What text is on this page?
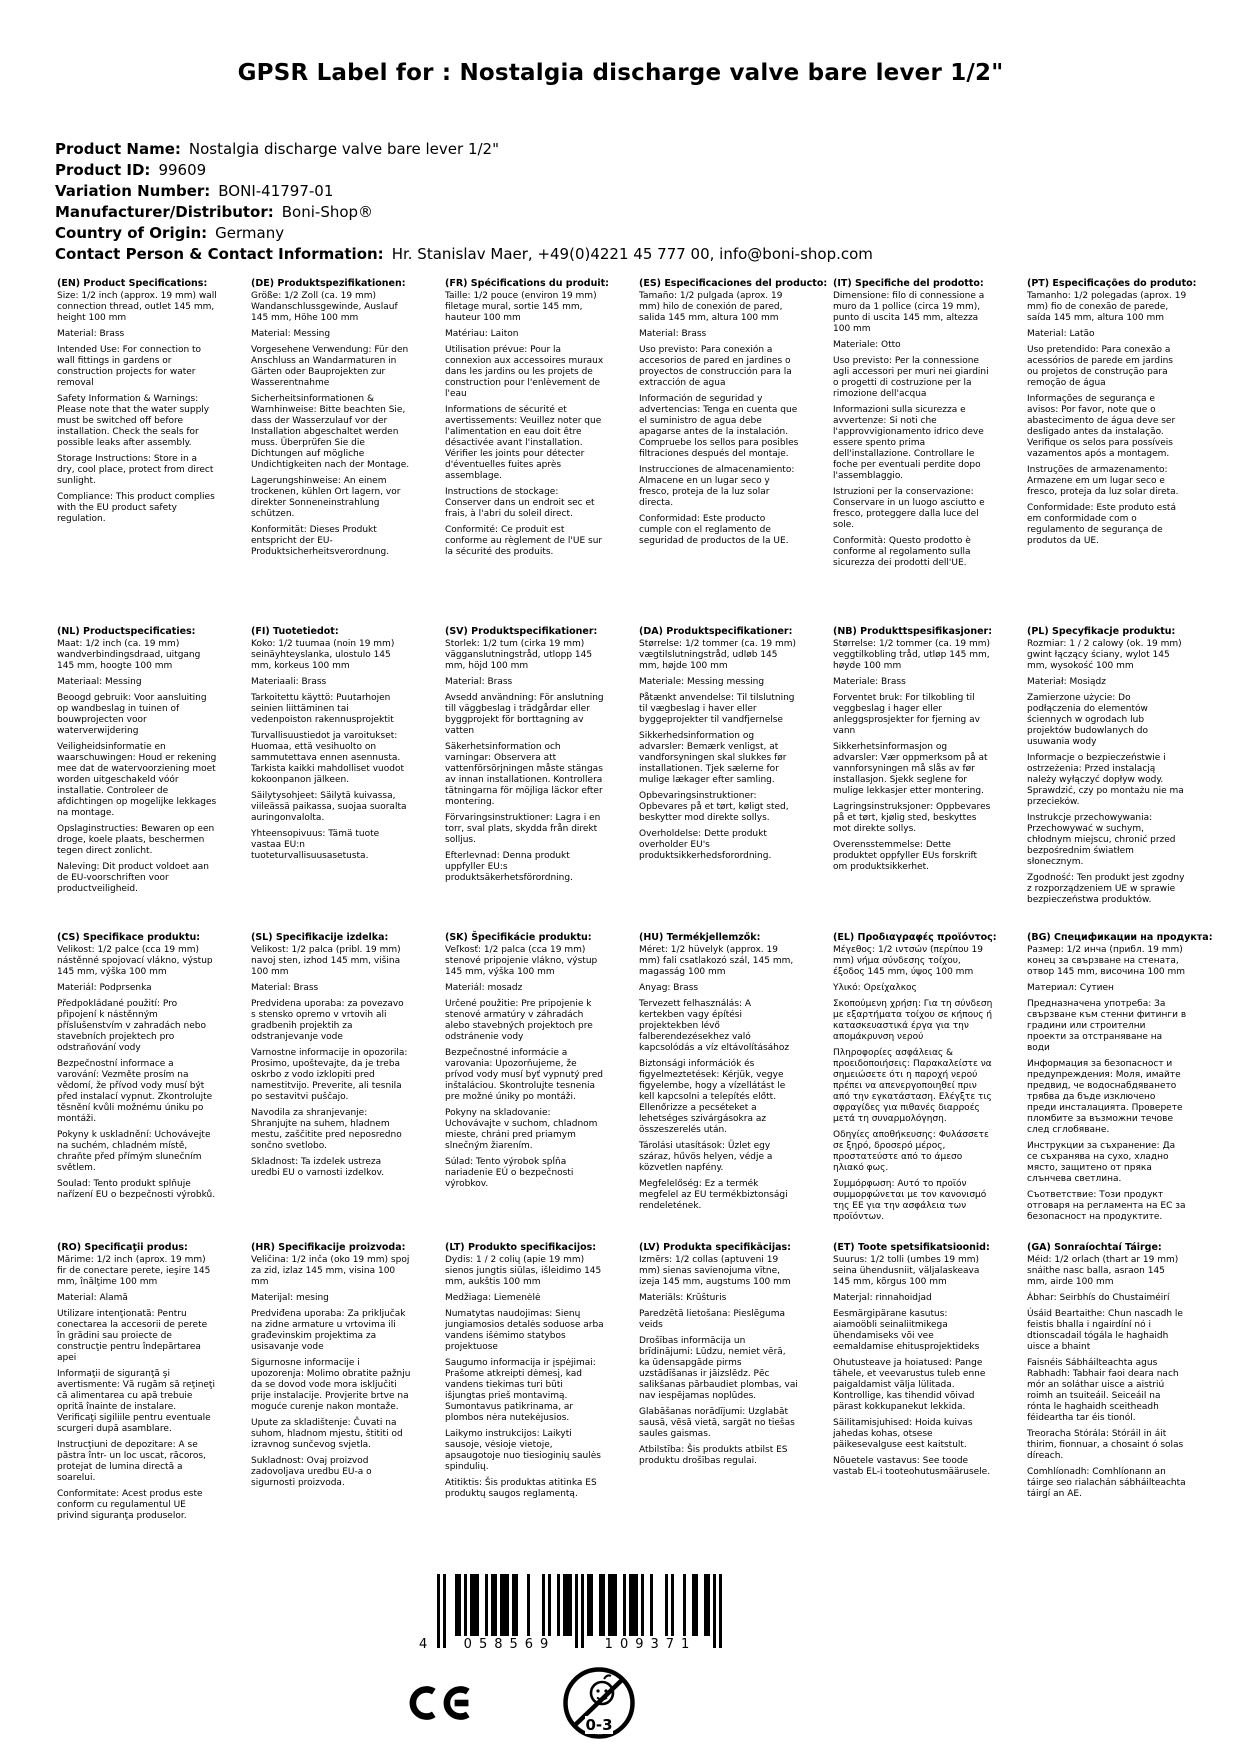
GPSR Label for : Nostalgia discharge valve bare lever 1/2"
Product Name: Nostalgia discharge valve bare lever 1/2"
Product ID: 99609
Variation Number: BONI-41797-01
Manufacturer/Distributor: Boni-Shop®
Country of Origin: Germany
Contact Person & Contact Information: Hr. Stanislav Maer, +49(0)4221 45 777 00, info@boni-shop.com
(EN) Product Specifications:

Size: 1/2 inch (approx. 19 mm) wall connection thread, outlet 145 mm, height 100 mm

Material: Brass

Intended Use: For connection to wall fittings in gardens or construction projects for water removal

Safety Information & Warnings: Please note that the water supply must be switched off before installation. Check the seals for possible leaks after assembly.

Storage Instructions: Store in a dry, cool place, protect from direct sunlight.

Compliance: This product complies with the EU product safety regulation.

(DE) Produktspezifikationen:

Größe: 1/2 Zoll (ca. 19 mm) Wandanschlussgewinde, Auslauf 145 mm, Höhe 100 mm

Material: Messing

Vorgesehene Verwendung: Für den Anschluss an Wandarmaturen in Gärten oder Bauprojekten zur Wasserentnahme

Sicherheitsinformationen & Warnhinweise: Bitte beachten Sie, dass der Wasserzulauf vor der Installation abgeschaltet werden muss. Überprüfen Sie die Dichtungen auf mögliche Undichtigkeiten nach der Montage.

Lagerungshinweise: An einem trockenen, kühlen Ort lagern, vor direkter Sonneneinstrahlung schützen.

Konformität: Dieses Produkt entspricht der EU-Produktsicherheitsverordnung.

(FR) Spécifications du produit:

Taille: 1/2 pouce (environ 19 mm) filetage mural, sortie 145 mm, hauteur 100 mm

Matériau: Laiton

Utilisation prévue: Pour la connexion aux accessoires muraux dans les jardins ou les projets de construction pour l'enlèvement de l'eau

Informations de sécurité et avertissements: Veuillez noter que l'alimentation en eau doit être désactivée avant l'installation. Vérifier les joints pour détecter d'éventuelles fuites après assemblage.

Instructions de stockage: Conserver dans un endroit sec et frais, à l'abri du soleil direct.

Conformité: Ce produit est conforme au règlement de l'UE sur la sécurité des produits.

(ES) Especificaciones del producto:

Tamaño: 1/2 pulgada (aprox. 19 mm) hilo de conexión de pared, salida 145 mm, altura 100 mm

Material: Brass

Uso previsto: Para conexión a accesorios de pared en jardines o proyectos de construcción para la extracción de agua

Información de seguridad y advertencias: Tenga en cuenta que el suministro de agua debe apagarse antes de la instalación. Compruebe los sellos para posibles filtraciones después del montaje.

Instrucciones de almacenamiento: Almacene en un lugar seco y fresco, proteja de la luz solar directa.

Conformidad: Este producto cumple con el reglamento de seguridad de productos de la UE.

(IT) Specifiche del prodotto:

Dimensione: filo di connessione a muro da 1 pollice (circa 19 mm), punto di uscita 145 mm, altezza 100 mm

Materiale: Otto

Uso previsto: Per la connessione agli accessori per muri nei giardini o progetti di costruzione per la rimozione dell'acqua

Informazioni sulla sicurezza e avvertenze: Si noti che l'approvvigionamento idrico deve essere spento prima dell'installazione. Controllare le foche per eventuali perdite dopo l'assemblaggio.

Istruzioni per la conservazione: Conservare in un luogo asciutto e fresco, proteggere dalla luce del sole.

Conformità: Questo prodotto è conforme al regolamento sulla sicurezza dei prodotti dell'UE.

(PT) Especificações do produto:

Tamanho: 1/2 polegadas (aprox. 19 mm) fio de conexão de parede, saída 145 mm, altura 100 mm

Material: Latão

Uso pretendido: Para conexão a acessórios de parede em jardins ou projetos de construção para remoção de água

Informações de segurança e avisos: Por favor, note que o abastecimento de água deve ser desligado antes da instalação. Verifique os selos para possíveis vazamentos após a montagem.

Instruções de armazenamento: Armazene em um lugar seco e fresco, proteja da luz solar direta.

Conformidade: Este produto está em conformidade com o regulamento de segurança de produtos da UE.

(NL) Productspecificaties:

Maat: 1/2 inch (ca. 19 mm) wandverbindingsdraad, uitgang 145 mm, hoogte 100 mm

Materiaal: Messing

Beoogd gebruik: Voor aansluiting op wandbeslag in tuinen of bouwprojecten voor waterverwijdering

Veiligheidsinformatie en waarschuwingen: Houd er rekening mee dat de watervoorziening moet worden uitgeschakeld vóór installatie. Controleer de afdichtingen op mogelijke lekkages na montage.

Opslaginstructies: Bewaren op een droge, koele plaats, beschermen tegen direct zonlicht.

Naleving: Dit product voldoet aan de EU-voorschriften voor productveiligheid.

(FI) Tuotetiedot:

Koko: 1/2 tuumaa (noin 19 mm) seinäyhteyslanka, ulostulo 145 mm, korkeus 100 mm

Materiaali: Brass

Tarkoitettu käyttö: Puutarhojen seinien liittäminen tai vedenpoiston rakennusprojektit

Turvallisuustiedot ja varoitukset: Huomaa, että vesihuolto on sammutettava ennen asennusta. Tarkista kaikki mahdolliset vuodot kokoonpanon jälkeen.

Säilytysohjeet: Säilytä kuivassa, viileässä paikassa, suojaa suoralta auringonvalolta.

Yhteensopivuus: Tämä tuote vastaa EU:n tuoteturvallisuusasetusta.

(SV) Produktspecifikationer:

Storlek: 1/2 tum (cirka 19 mm) vägganslutningstråd, utlopp 145 mm, höjd 100 mm

Material: Brass

Avsedd användning: För anslutning till väggbeslag i trädgårdar eller byggprojekt för borttagning av vatten

Säkerhetsinformation och varningar: Observera att vattenförsörjningen måste stängas av innan installationen. Kontrollera tätningarna för möjliga läckor efter montering.

Förvaringsinstruktioner: Lagra i en torr, sval plats, skydda från direkt solljus.

Efterlevnad: Denna produkt uppfyller EU:s produktsäkerhetsförordning.

(DA) Produktspecifikationer:

Størrelse: 1/2 tommer (ca. 19 mm) vægtilslutningstråd, udløb 145 mm, højde 100 mm

Materiale: Messing messing

Påtænkt anvendelse: Til tilslutning til vægbeslag i haver eller byggeprojekter til vandfjernelse

Sikkerhedsinformation og advarsler: Bemærk venligst, at vandforsyningen skal slukkes før installationen. Tjek sælerne for mulige lækager efter samling.

Opbevaringsinstruktioner: Opbevares på et tørt, køligt sted, beskytter mod direkte sollys.

Overholdelse: Dette produkt overholder EU's produktsikkerhedsforordning.

(NB) Produkttspesifikasjoner:

Størrelse: 1/2 tommer (ca. 19 mm) veggtilkobling tråd, utløp 145 mm, høyde 100 mm

Materiale: Brass

Forventet bruk: For tilkobling til veggbeslag i hager eller anleggsprosjekter for fjerning av vann

Sikkerhetsinformasjon og advarsler: Vær oppmerksom på at vannforsyningen må slås av før installasjon. Sjekk seglene for mulige lekkasjer etter montering.

Lagringsinstruksjoner: Oppbevares på et tørt, kjølig sted, beskyttes mot direkte sollys.

Overensstemmelse: Dette produktet oppfyller EUs forskrift om produktsikkerhet.

(PL) Specyfikacje produktu:

Rozmiar: 1 / 2 calowy (ok. 19 mm) gwint łączący ściany, wylot 145 mm, wysokość 100 mm

Materiał: Mosiądz

Zamierzone użycie: Do podłączenia do elementów ściennych w ogrodach lub projektów budowlanych do usuwania wody

Informacje o bezpieczeństwie i ostrzeżenia: Przed instalacją należy wyłączyć dopływ wody. Sprawdzić, czy po montażu nie ma przecieków.

Instrukcje przechowywania: Przechowywać w suchym, chłodnym miejscu, chronić przed bezpośrednim światłem słonecznym.

Zgodność: Ten produkt jest zgodny z rozporządzeniem UE w sprawie bezpieczeństwa produktów.

(CS) Specifikace produktu:

Velikost: 1/2 palce (cca 19 mm) nástěnné spojovací vlákno, výstup 145 mm, výška 100 mm

Materiál: Podprsenka

Předpokládané použití: Pro připojení k nástěnným příslušenstvím v zahradách nebo stavebních projektech pro odstraňování vody

Bezpečnostní informace a varování: Vezměte prosím na vědomí, že přívod vody musí být před instalací vypnut. Zkontrolujte těsnění kvůli možnému úniku po montáži.

Pokyny k uskladnění: Uchovávejte na suchém, chladném místě, chraňte před přímým slunečním světlem.

Soulad: Tento produkt splňuje nařízení EU o bezpečnosti výrobků.

(SL) Specifikacije izdelka:

Velikost: 1/2 palca (pribl. 19 mm) navoj sten, izhod 145 mm, višina 100 mm

Material: Brass

Predvidena uporaba: za povezavo s stensko opremo v vrtovih ali gradbenih projektih za odstranjevanje vode

Varnostne informacije in opozorila: Prosimo, upoštevajte, da je treba oskrbo z vodo izklopiti pred namestitvijo. Preverite, ali tesnila po sestavitvi puščajo.

Navodila za shranjevanje: Shranjujte na suhem, hladnem mestu, zaščitite pred neposredno sončno svetlobo.

Skladnost: Ta izdelek ustreza uredbi EU o varnosti izdelkov.

(SK) Špecifikácie produktu:

Veľkosť: 1/2 palca (cca 19 mm) stenové pripojenie vlákno, výstup 145 mm, výška 100 mm

Materiál: mosadz

Určené použitie: Pre pripojenie k stenové armatúry v záhradách alebo stavebných projektoch pre odstránenie vody

Bezpečnostné informácie a varovania: Upozorňujeme, že prívod vody musí byť vypnutý pred inštaláciou. Skontrolujte tesnenia pre možné úniky po montáži.

Pokyny na skladovanie: Uchovávajte v suchom, chladnom mieste, chráni pred priamym slnečným žiarením.

Súlad: Tento výrobok spĺňa nariadenie EÚ o bezpečnosti výrobkov.

(HU) Termékjellemzők:

Méret: 1/2 hüvelyk (approx. 19 mm) fali csatlakozó szál, 145 mm, magasság 100 mm

Anyag: Brass

Tervezett felhasználás: A kertekben vagy építési projektekben lévő falberendezésekhez való kapcsolódás a víz eltávolításához

Biztonsági információk és figyelmeztetések: Kérjük, vegye figyelembe, hogy a vízellátást le kell kapcsolni a telepítés előtt. Ellenőrizze a pecséteket a lehetséges szivárgásokra az összeszerelés után.

Tárolási utasítások: Üzlet egy száraz, hűvös helyen, védje a közvetlen napfény.

Megfelelőség: Ez a termék megfelel az EU termékbiztonsági rendeletének.

(EL) Προδιαγραφές προϊόντος:

Μέγεθος: 1/2 ιντσών (περίπου 19 mm) νήμα σύνδεσης τοίχου, έξοδος 145 mm, ύψος 100 mm

Υλικό: Ορείχαλκος

Σκοπούμενη χρήση: Για τη σύνδεση με εξαρτήματα τοίχου σε κήπους ή κατασκευαστικά έργα για την απομάκρυνση νερού

Πληροφορίες ασφάλειας & προειδοποιήσεις: Παρακαλείστε να σημειώσετε ότι η παροχή νερού πρέπει να απενεργοποιηθεί πριν από την εγκατάσταση. Ελέγξτε τις σφραγίδες για πιθανές διαρροές μετά τη συναρμολόγηση.

Οδηγίες αποθήκευσης: Φυλάσσετε σε ξηρό, δροσερό μέρος, προστατεύστε από το άμεσο ηλιακό φως.

Συμμόρφωση: Αυτό το προϊόν συμμορφώνεται με τον κανονισμό της ΕΕ για την ασφάλεια των προϊόντων.

(BG) Спецификации на продукта:

Размер: 1/2 инча (прибл. 19 mm) конец за свързване на стената, отвор 145 mm, височина 100 mm

Материал: Сутиен

Предназначена употреба: За свързване към стенни фитинги в градини или строителни проекти за отстраняване на води

Информация за безопасност и предупреждения: Моля, имайте предвид, че водоснабдяването трябва да бъде изключено преди инсталацията. Проверете пломбите за възможни течове след сглобяване.

Инструкции за съхранение: Да се съхранява на сухо, хладно място, защитено от пряка слънчева светлина.

Съответствие: Този продукт отговаря на регламента на ЕС за безопасност на продуктите.

(RO) Specificaţii produs:

Mărime: 1/2 inch (aprox. 19 mm) fir de conectare perete, ieşire 145 mm, înălţime 100 mm

Material: Alamă

Utilizare intenţionată: Pentru conectarea la accesorii de perete în grădini sau proiecte de construcţie pentru îndepărtarea apei

Informaţii de siguranţă şi avertismente: Vă rugăm să reţineţi că alimentarea cu apă trebuie oprită înainte de instalare. Verificaţi sigiliile pentru eventuale scurgeri după asamblare.

Instrucţiuni de depozitare: A se păstra într- un loc uscat, răcoros, protejat de lumina directă a soarelui.

Conformitate: Acest produs este conform cu regulamentul UE privind siguranţa produselor.

(HR) Specifikacije proizvoda:

Veličina: 1/2 inča (oko 19 mm) spoj za zid, izlaz 145 mm, visina 100 mm

Materijal: mesing

Predviđena uporaba: Za priključak na zidne armature u vrtovima ili građevinskim projektima za usisavanje vode

Sigurnosne informacije i upozorenja: Molimo obratite pažnju da se dovod vode mora isključiti prije instalacije. Provjerite brtve na moguće curenje nakon montaže.

Upute za skladištenje: Čuvati na suhom, hladnom mjestu, štititi od izravnog sunčevog svjetla.

Sukladnost: Ovaj proizvod zadovoljava uredbu EU-a o sigurnosti proizvoda.

(LT) Produkto specifikacijos:

Dydis: 1 / 2 colių (apie 19 mm) sienos jungtis siūlas, išleidimo 145 mm, aukštis 100 mm

Medžiaga: Liemenėlė

Numatytas naudojimas: Sienų jungiamosios detalės soduose arba vandens išėmimo statybos projektuose

Saugumo informacija ir įspėjimai: Prašome atkreipti dėmesį, kad vandens tiekimas turi būti išjungtas prieš montavimą. Sumontavus patikrinama, ar plombos nėra nutekėjusios.

Laikymo instrukcijos: Laikyti sausoje, vėsioje vietoje, apsaugotoje nuo tiesioginių saulės spindulių.

Atitiktis: Šis produktas atitinka ES produktų saugos reglamentą.

(LV) Produkta specifikācijas:

Izmērs: 1/2 collas (aptuveni 19 mm) sienas savienojuma vītne, izeja 145 mm, augstums 100 mm

Materiāls: Krūšturis

Paredzētā lietošana: Pieslēguma veids

Drošības informācija un brīdinājumi: Lūdzu, nemiet vērā, ka ūdensapgāde pirms uzstādīšanas ir jāizslēdz. Pēc salikšanas pārbaudiet plombas, vai nav iespējamas noplūdes.

Glabāšanas norādījumi: Uzglabāt sausā, vēsā vietā, sargāt no tiešas saules gaismas.

Atbilstība: Šis produkts atbilst ES produktu drošības regulai.

(ET) Toote spetsifikatsioonid:

Suurus: 1/2 tolli (umbes 19 mm) seina ühendusniit, väljalaskeava 145 mm, kõrgus 100 mm

Materjal: rinnahoidjad

Eesmärgipärane kasutus: aiamoöbli seinaliitmikega ühendamiseks või vee eemaldamise ehitusprojektideks

Ohutusteave ja hoiatused: Pange tähele, et veevarustus tuleb enne paigaldamist välja lülitada. Kontrollige, kas tihendid võivad pärast kokkupanekut lekkida.

Säilitamisjuhised: Hoida kuivas jahedas kohas, otsese päikesevalguse eest kaitstult.

Nõuetele vastavus: See toode vastab EL-i tooteohutusmäärusele.

(GA) Sonraíochtaí Táirge:

Méid: 1/2 orlach (thart ar 19 mm) snáithe nasc balla, asraon 145 mm, airde 100 mm

Ábhar: Seirbhís do Chustaiméirí

Úsáid Beartaithe: Chun nascadh le feistis bhalla i ngairdíní nó i dtionscadail tógála le haghaidh uisce a bhaint

Faisnéis Sábháilteachta agus Rabhadh: Tabhair faoi deara nach mór an soláthar uisce a aistriú roimh an tsuiteáil. Seiceáil na rónta le haghaidh sceitheadh féideartha tar éis tionól.

Treoracha Stórála: Stóráil in áit thirim, fionnuar, a chosaint ó solas díreach.

Comhlíonadh: Comhlíonann an táirge seo rialachán sábháilteachta táirgí an AE.

4	058569	109371
0-3
